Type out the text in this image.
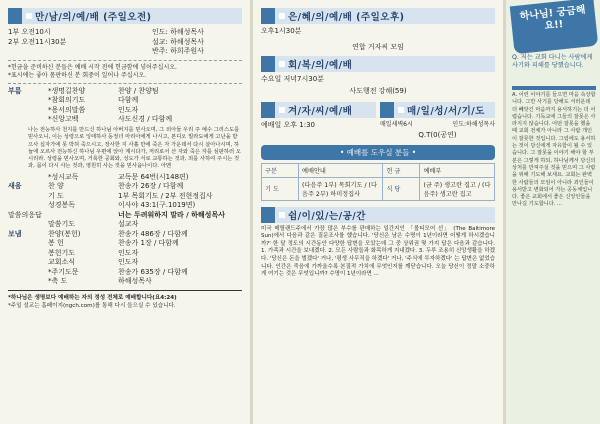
만/남/의/예/배 (주일오전)
1부 오전10시	인도: 하해성목사
2부 오전11시30분	설교: 하해성목사
반주: 하희주원사
*헌금을 준비하신 분들은 예배 시작 전에 헌금함에 넣어주십시오.
*표시에는 좋아 몸판하신 분 회중이 일어나 주십시오.
부름	*생명길찬양	찬양 / 찬양팀
*참회의기도	다함께
*용서의말씀	인도자
*신앙고백	사도신경 / 다함께
나는 전능하사 천지를 만드신 하나님 아버지를 믿사오며, 그 외아들 우리 주 예수 그리스도를 믿사오니, 이는 성령으로 잉태하사 동정녀 마리아에게 나시고, 본디오 빌라도에게 고난을 받으사 십자가에 못 박혀 죽으시고, 장사한 지 사흘 만에 죽은 자 가운데서 다시 살아나시며, 하늘에 오르사 전능하신 하나님 우편에 앉아 계시다가, 저리로서 산 자와 죽은 자를 심판하러 오시리라. 성령을 믿사오며, 거룩한 공회와, 성도가 서로 교통하는 것과, 죄를 사하여 주시는 것과, 몸이 다시 사는 것과, 영원히 사는 것을 믿사옵나이다. 아멘
*성시교독	교독문 64번(시148편)
새움	찬 양	찬송가 26장 / 다함께
기 도	1부 목회기도 / 2부 전현정집사
성경봉독	이사야 43:1(구.1019면)
말씀의응답	너는 두려워하지 말라 / 하해성목사
말씀기도	설교자
보냄	찬양(봉헌)	찬송가 486장 / 다함께
봉 헌	찬송가 1장 / 다함께
봉헌기도	인도자
교회소식	인도자
*주기도문	찬송가 635장 / 다함께
*축 도	하해성목사
*하나님은 생명보다 예배하는 자의 정성 전체로 예배합니다(요4:24)
*주일 설교는 홈페이지(ngch.com)를 통해 다시 들으실 수 있습니다.
은/혜/의/예/배 (주일오후)
오후1시30분
연합 거자씨 모임
회/복/의/예/배
수요일 저녁7시30분
사도행전 강해(59)
겨/자/씨/예/배
예배일 오후 1:30
매/일/성/서/기/도
매일새벽6시	인도:하해성목사
Q.T(0(공연)
• 예배를 도우실 분들 •
구분	예배안내	헌 금	예배부
기 도	(다음주 1부) 목회기도 / (다음주 2부) 하미정집사	식 당	(금 주) 생고란 집고 / (다음주) 생고란 집고
쉼/이/있/는/공/간
미국 메릴랜드주에서 가장 많은 부수를 판매하는 일간지인 「볼티모어 선」 (The Baltimore Sun)에서 다음과 같은 질문조사를 했습니다. '당신은 남은 수명이 1년이라면 어떻게 하시겠습니까?' 한 달 정도의 시간동안 다양한 답변을 모았는데 그 중 상위권 몇 가지 답은 다음과 같습니다. 1. 가족과 시간을 보내겠다. 2. 모든 사람들과 화목하게 지내겠다. 3. 두루 조용히 신앙생활을 하겠다. '당신은 돈을 벌겠다' 거나, '평생 사무직을 하겠다' 거나, '주식에 투자하겠다' 는 답변은 없었습니다. 인간은 죽음에 가까울수록 본질적 가치에 무엇인지를 깨닫습니다. 오늘 당신이 정말 소중하게 여기는 것은 무엇입니까? 수명이 1년이라면 ...
하나님! 궁금해요!!
Q. 저는 교회 다니는 사람에게 사기와 피해를 당했습니다.
A. 이런 이야기를 들으면 마음 속상합니다. 그만 사기를 당해도 서러운데 더 빼앗긴 마음까지 용서하기는 더 어렵습니다. 기독교에 그들의 잘못은 사라지지 않습니다. 어떤 잘못을 했을 때 교회 전체가 아니라 그 사람 개인이 잘못한 것입니다. 그럼에도 용서하는 것이 당신에게 자유함이 될 수 있습니다. 그 잘못을 이야기 해야 할 부분은 그렇게 하되, 하나님께서 당신의 상처를 만져주실 것을 믿으며 그 사람을 위해 기도해 보세요. 교회는 완벽한 사람들의 모임이 아니라 죄인들이 용서받고 변화되어 가는 공동체입니다. 좋은 교회에서 좋은 신앙인들을 만나길 기도합니다. ...
